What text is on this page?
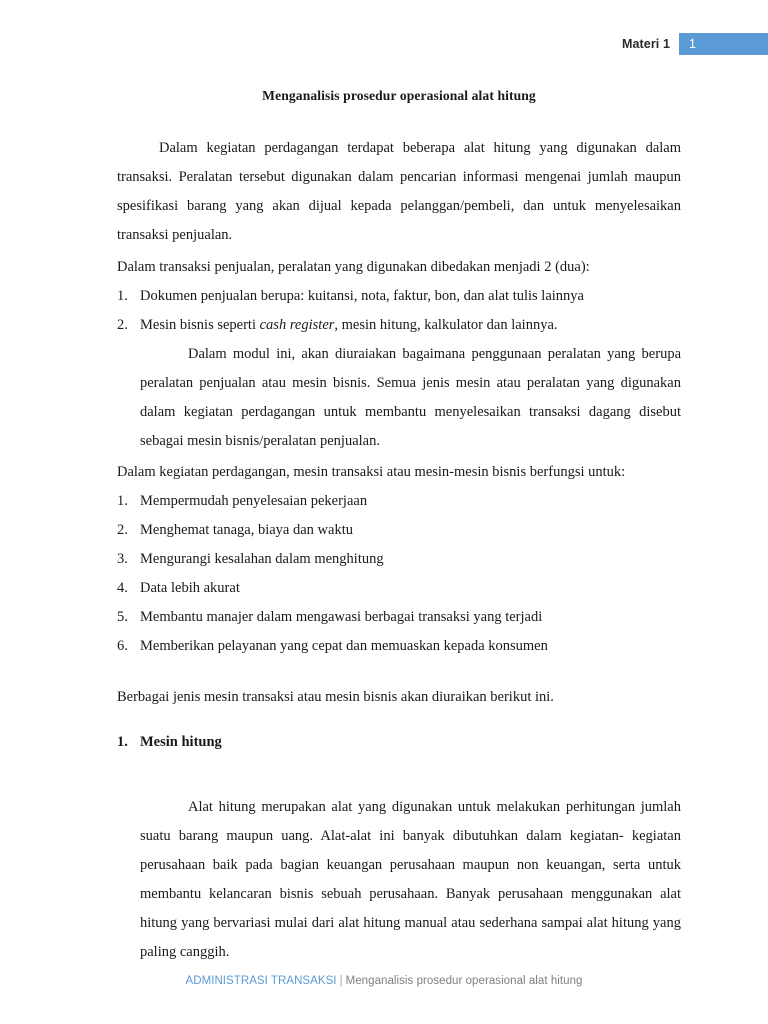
Materi 1	1
Menganalisis prosedur operasional alat hitung

Dalam kegiatan perdagangan terdapat beberapa alat hitung yang digunakan dalam transaksi. Peralatan tersebut digunakan dalam pencarian informasi mengenai jumlah maupun spesifikasi barang yang akan dijual kepada pelanggan/pembeli, dan untuk menyelesaikan transaksi penjualan.

Dalam transaksi penjualan, peralatan yang digunakan dibedakan menjadi 2 (dua):

1. Dokumen penjualan berupa: kuitansi, nota, faktur, bon, dan alat tulis lainnya
2. Mesin bisnis seperti cash register, mesin hitung, kalkulator dan lainnya.

Dalam modul ini, akan diuraiakan bagaimana penggunaan peralatan yang berupa peralatan penjualan atau mesin bisnis. Semua jenis mesin atau peralatan yang digunakan dalam kegiatan perdagangan untuk membantu menyelesaikan transaksi dagang disebut sebagai mesin bisnis/peralatan penjualan.

Dalam kegiatan perdagangan, mesin transaksi atau mesin-mesin bisnis berfungsi untuk:

1. Mempermudah penyelesaian pekerjaan
2. Menghemat tanaga, biaya dan waktu
3. Mengurangi kesalahan dalam menghitung
4. Data lebih akurat
5. Membantu manajer dalam mengawasi berbagai transaksi yang terjadi
6. Memberikan pelayanan yang cepat dan memuaskan kepada konsumen

Berbagai jenis mesin transaksi atau mesin bisnis akan diuraikan berikut ini.

1. Mesin hitung

Alat hitung merupakan alat yang digunakan untuk melakukan perhitungan jumlah suatu barang maupun uang. Alat-alat ini banyak dibutuhkan dalam kegiatan- kegiatan perusahaan baik pada bagian keuangan perusahaan maupun non keuangan, serta untuk membantu kelancaran bisnis sebuah perusahaan. Banyak perusahaan menggunakan alat hitung yang bervariasi mulai dari alat hitung manual atau sederhana sampai alat hitung yang paling canggih.

ADMINISTRASI TRANSAKSI | Menganalisis prosedur operasional alat hitung
